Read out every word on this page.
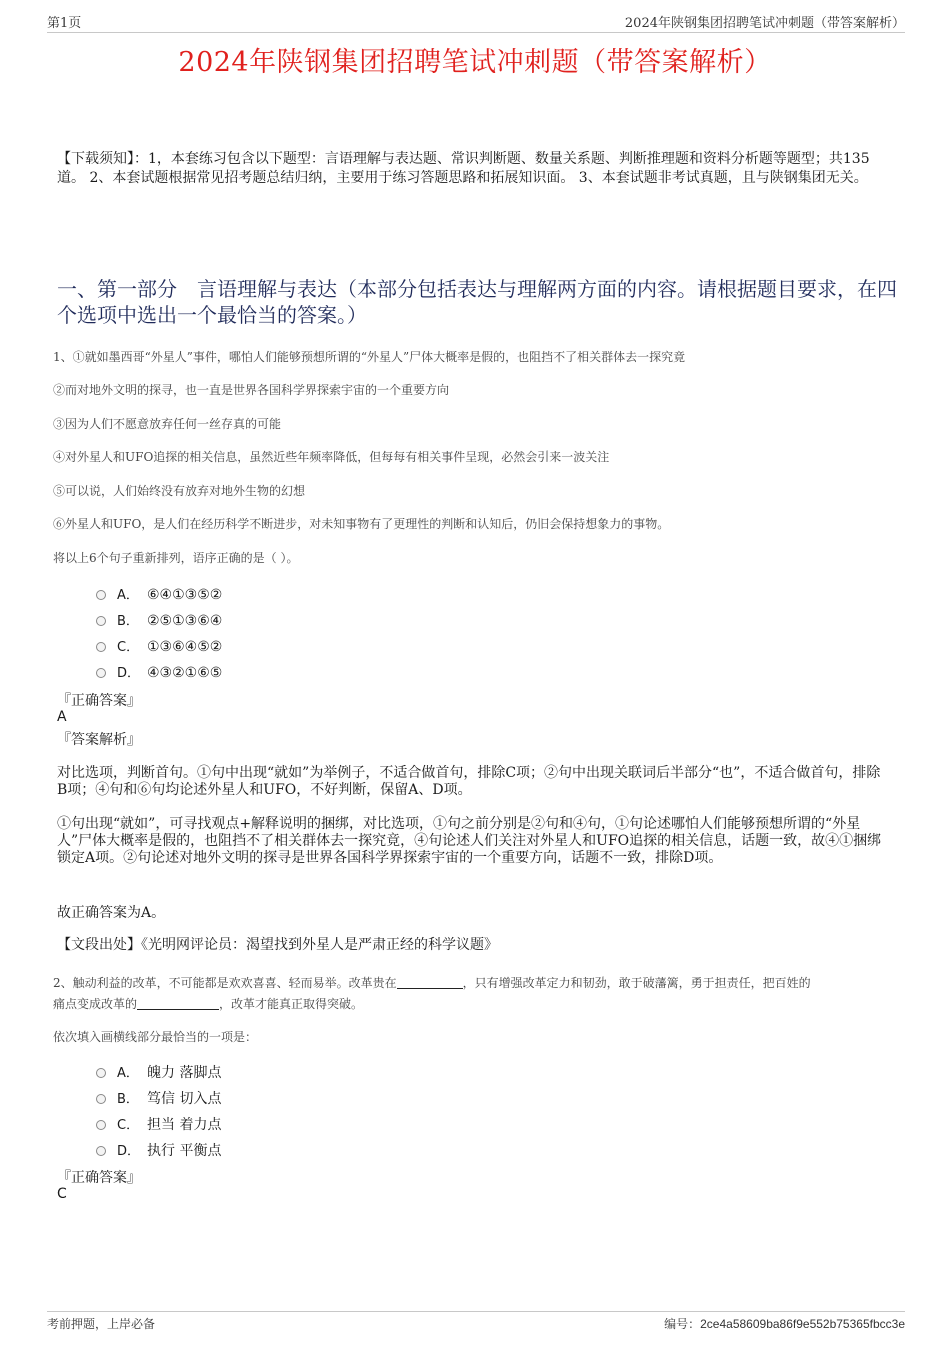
第1页	2024年陕钢集团招聘笔试冲刺题（带答案解析）
2024年陕钢集团招聘笔试冲刺题（带答案解析）
【下载须知】：1，本套练习包含以下题型：言语理解与表达题、常识判断题、数量关系题、判断推理题和资料分析题等题型；共135道。 2、本套试题根据常见招考题总结归纳，主要用于练习答题思路和拓展知识面。 3、本套试题非考试真题，且与陕钢集团无关。
一、第一部分　言语理解与表达（本部分包括表达与理解两方面的内容。请根据题目要求，在四个选项中选出一个最恰当的答案。）
1、①就如墨西哥“外星人”事件，哪怕人们能够预想所谓的“外星人”尸体大概率是假的，也阻挡不了相关群体去一探究竟
②而对地外文明的探寻，也一直是世界各国科学界探索宇宙的一个重要方向
③因为人们不愿意放弃任何一丝存真的可能
④对外星人和UFO追探的相关信息，虽然近些年频率降低，但每每有相关事件呈现，必然会引来一波关注
⑤可以说，人们始终没有放弃对地外生物的幻想
⑥外星人和UFO，是人们在经历科学不断进步，对未知事物有了更理性的判断和认知后，仍旧会保持想象力的事物。
将以上6个句子重新排列，语序正确的是（ ）。
A． ⑥④①③⑤②
B． ②⑤①③⑥④
C． ①③⑥④⑤②
D． ④③②①⑥⑤
『正确答案』
A
『答案解析』
对比选项，判断首句。①句中出现“就如”为举例子，不适合做首句，排除C项；②句中出现关联词后半部分“也”，不适合做首句，排除B项；④句和⑥句均论述外星人和UFO，不好判断，保留A、D项。
①句出现“就如”，可寻找观点+解释说明的捆绑，对比选项，①句之前分别是②句和④句，①句论述哪怕人们能够预想所谓的“外星人”尸体大概率是假的，也阻挡不了相关群体去一探究竟，④句论述人们关注对外星人和UFO追探的相关信息，话题一致，故④①捆绑锁定A项。②句论述对地外文明的探寻是世界各国科学界探索宇宙的一个重要方向，话题不一致，排除D项。
故正确答案为A。
【文段出处】《光明网评论员：渴望找到外星人是严肃正经的科学议题》
2、触动利益的改革，不可能都是欢欢喜喜、轻而易举。改革贵在	，只有增强改革定力和韧劲，敢于破藩篱，勇于担责任，把百姓的
痛点变成改革的	，改革才能真正取得突破。
依次填入画横线部分最恰当的一项是：
A． 魄力 落脚点
B． 笃信 切入点
C． 担当 着力点
D． 执行 平衡点
『正确答案』
C
考前押题，上岸必备	编号：2ce4a58609ba86f9e552b75365fbcc3e
